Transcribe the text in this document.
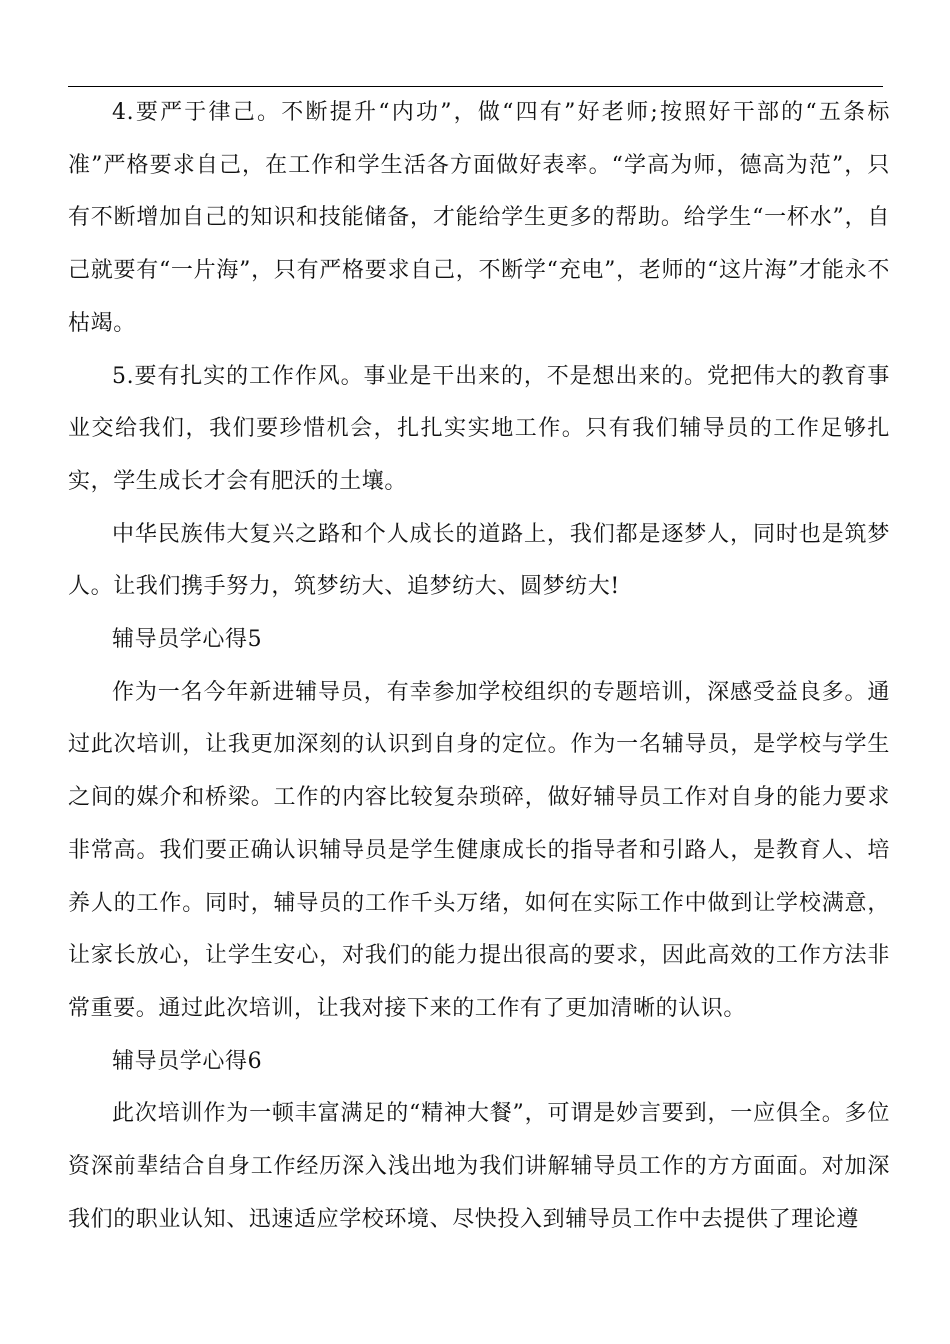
4.要严于律己。不断提升“内功”，做“四有”好老师;按照好干部的“五条标准”严格要求自己，在工作和学生活各方面做好表率。“学高为师，德高为范”，只有不断增加自己的知识和技能储备，才能给学生更多的帮助。给学生“一杯水”，自己就要有“一片海”，只有严格要求自己，不断学“充电”，老师的“这片海”才能永不枯竭。

5.要有扎实的工作作风。事业是干出来的，不是想出来的。党把伟大的教育事业交给我们，我们要珍惜机会，扎扎实实地工作。只有我们辅导员的工作足够扎实，学生成长才会有肥沃的土壤。

中华民族伟大复兴之路和个人成长的道路上，我们都是逐梦人，同时也是筑梦人。让我们携手努力，筑梦纺大、追梦纺大、圆梦纺大!

辅导员学心得5

作为一名今年新进辅导员，有幸参加学校组织的专题培训，深感受益良多。通过此次培训，让我更加深刻的认识到自身的定位。作为一名辅导员，是学校与学生之间的媒介和桥梁。工作的内容比较复杂琐碎，做好辅导员工作对自身的能力要求非常高。我们要正确认识辅导员是学生健康成长的指导者和引路人，是教育人、培养人的工作。同时，辅导员的工作千头万绪，如何在实际工作中做到让学校满意，让家长放心，让学生安心，对我们的能力提出很高的要求，因此高效的工作方法非常重要。通过此次培训，让我对接下来的工作有了更加清晰的认识。

辅导员学心得6

此次培训作为一顿丰富满足的“精神大餐”，可谓是妙言要到，一应俱全。多位资深前辈结合自身工作经历深入浅出地为我们讲解辅导员工作的方方面面。对加深我们的职业认知、迅速适应学校环境、尽快投入到辅导员工作中去提供了理论遵
